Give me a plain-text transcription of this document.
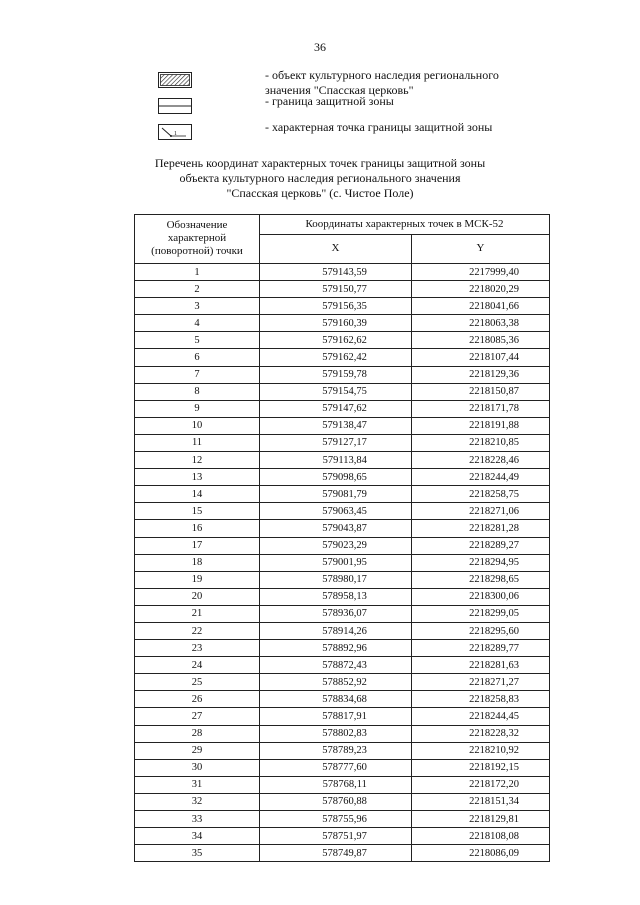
36
- объект культурного наследия регионального
значения "Спасская церковь"
- граница защитной зоны
1	- характерная точка границы защитной зоны
Перечень координат характерных точек границы защитной зоны
объекта культурного наследия регионального значения
"Спасская церковь" (с. Чистое Поле)
Обозначение характерной (поворотной) точки	Координаты характерных точек в МСК-52	
	X	Y
1	579143,59	2217999,40
2	579150,77	2218020,29
3	579156,35	2218041,66
4	579160,39	2218063,38
5	579162,62	2218085,36
6	579162,42	2218107,44
7	579159,78	2218129,36
8	579154,75	2218150,87
9	579147,62	2218171,78
10	579138,47	2218191,88
11	579127,17	2218210,85
12	579113,84	2218228,46
13	579098,65	2218244,49
14	579081,79	2218258,75
15	579063,45	2218271,06
16	579043,87	2218281,28
17	579023,29	2218289,27
18	579001,95	2218294,95
19	578980,17	2218298,65
20	578958,13	2218300,06
21	578936,07	2218299,05
22	578914,26	2218295,60
23	578892,96	2218289,77
24	578872,43	2218281,63
25	578852,92	2218271,27
26	578834,68	2218258,83
27	578817,91	2218244,45
28	578802,83	2218228,32
29	578789,23	2218210,92
30	578777,60	2218192,15
31	578768,11	2218172,20
32	578760,88	2218151,34
33	578755,96	2218129,81
34	578751,97	2218108,08
35	578749,87	2218086,09
